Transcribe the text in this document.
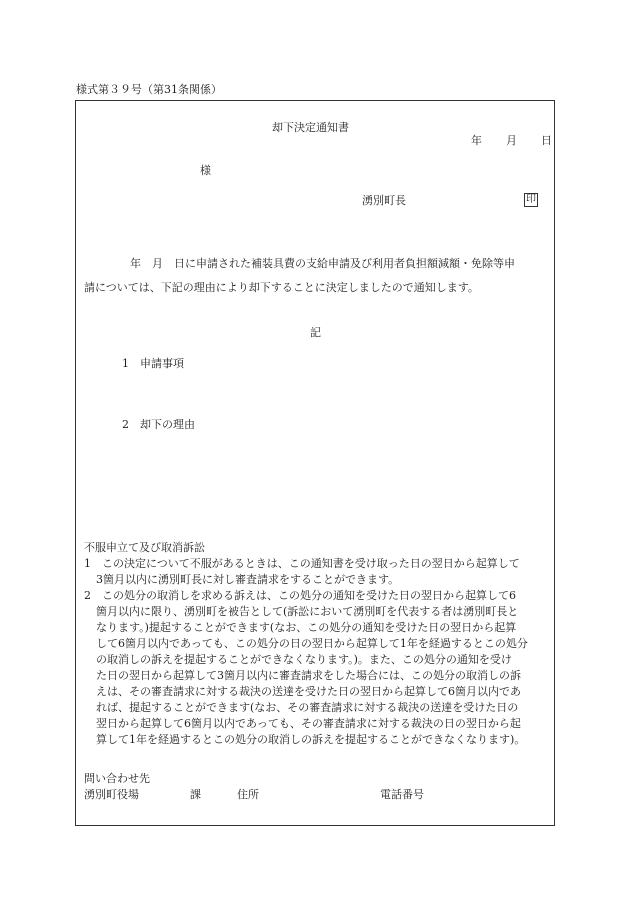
様式第３９号（第31条関係）
却下決定通知書
年 月 日
様
湧別町長	印
年　月　日に申請された補装具費の支給申請及び利用者負担額減額・免除等申
請については、下記の理由により却下することに決定しましたので通知します。
記
1　申請事項
2　却下の理由
不服申立て及び取消訴訟
1　この決定について不服があるときは、この通知書を受け取った日の翌日から起算して
3箇月以内に湧別町長に対し審査請求をすることができます。
2　この処分の取消しを求める訴えは、この処分の通知を受けた日の翌日から起算して6
箇月以内に限り、湧別町を被告として(訴訟において湧別町を代表する者は湧別町長と
なります。)提起することができます(なお、この処分の通知を受けた日の翌日から起算
して6箇月以内であっても、この処分の日の翌日から起算して1年を経過するとこの処分
の取消しの訴えを提起することができなくなります。)。また、この処分の通知を受け
た日の翌日から起算して3箇月以内に審査請求をした場合には、この処分の取消しの訴
えは、その審査請求に対する裁決の送達を受けた日の翌日から起算して6箇月以内であ
れば、提起することができます(なお、その審査請求に対する裁決の送達を受けた日の
翌日から起算して6箇月以内であっても、その審査請求に対する裁決の日の翌日から起
算して1年を経過するとこの処分の取消しの訴えを提起することができなくなります)。
問い合わせ先
湧別町役場	課	住所	電話番号
